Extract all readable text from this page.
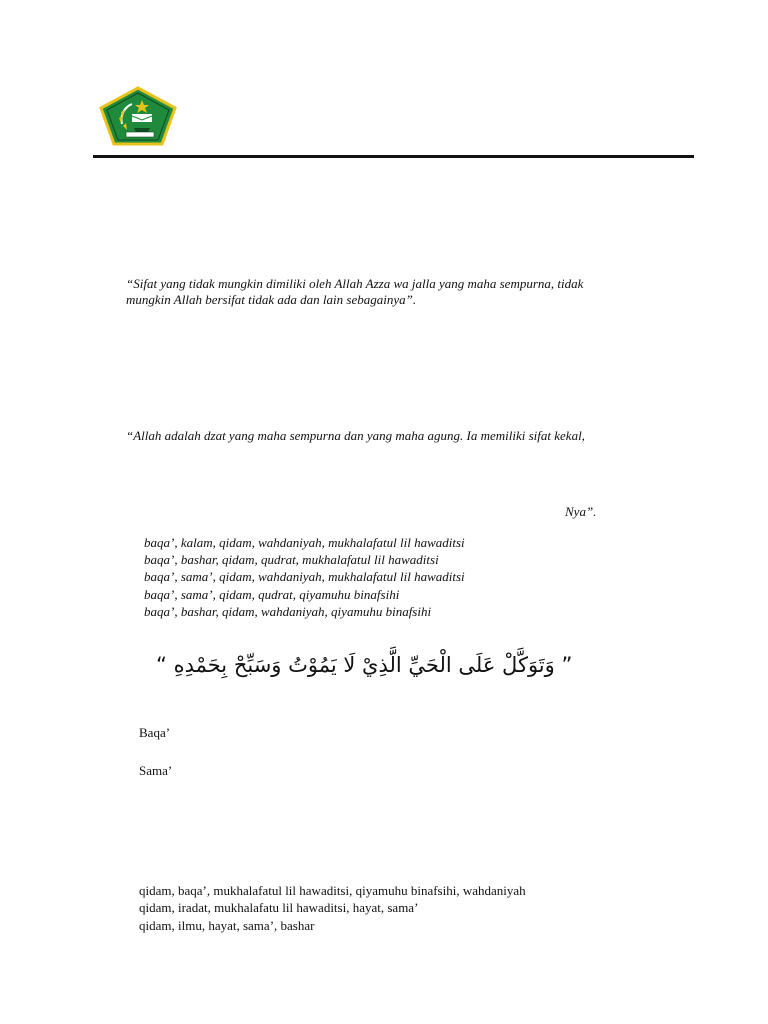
“Sifat yang tidak mungkin dimiliki oleh Allah Azza wa jalla yang maha sempurna, tidak
mungkin Allah bersifat tidak ada dan lain sebagainya”.
“Allah adalah dzat yang maha sempurna dan yang maha agung. Ia memiliki sifat kekal,
Nya”.
baqa’, kalam, qidam, wahdaniyah, mukhalafatul lil hawaditsi
baqa’, bashar, qidam, qudrat, mukhalafatul lil hawaditsi
baqa’, sama’, qidam, wahdaniyah, mukhalafatul lil hawaditsi
baqa’, sama’, qidam, qudrat, qiyamuhu binafsihi
baqa’, bashar, qidam, wahdaniyah, qiyamuhu binafsihi
“ وَتَوَكَّلْ عَلَى الْحَيِّ الَّذِيْ لَا يَمُوْتُ وَسَبِّحْ بِحَمْدِهِ ”
Baqa’
Sama’
qidam, baqa’, mukhalafatul lil hawaditsi, qiyamuhu binafsihi, wahdaniyah
qidam, iradat, mukhalafatu lil hawaditsi, hayat, sama’
qidam, ilmu, hayat, sama’, bashar
